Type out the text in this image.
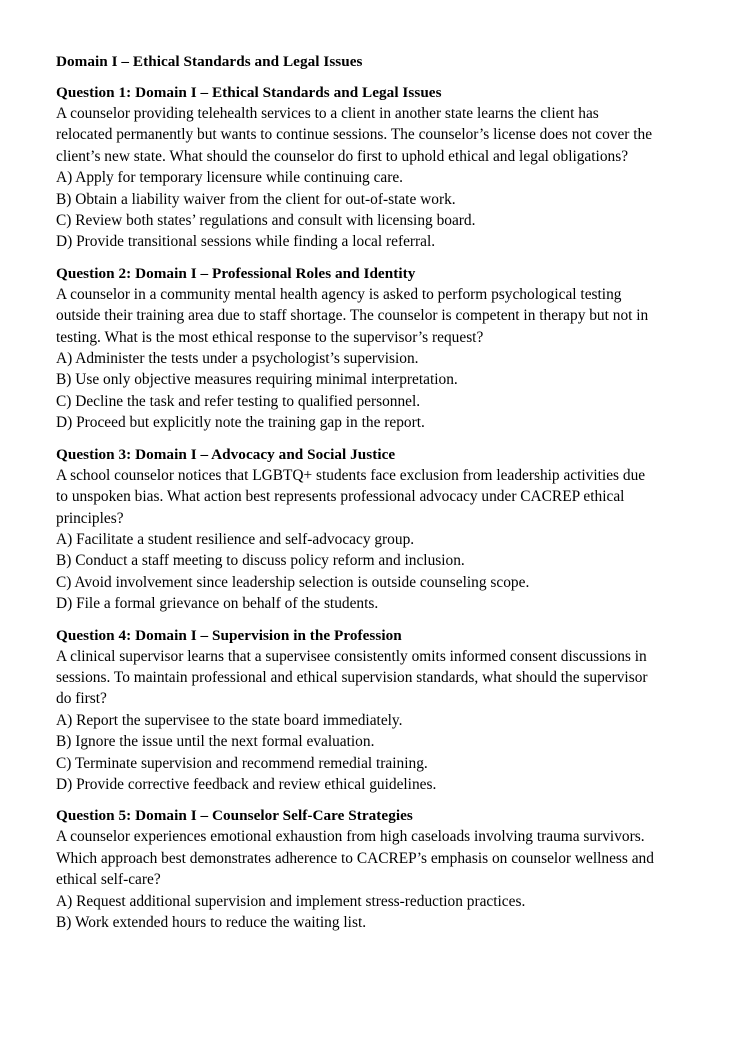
Domain I – Ethical Standards and Legal Issues
Question 1: Domain I – Ethical Standards and Legal Issues

A counselor providing telehealth services to a client in another state learns the client has relocated permanently but wants to continue sessions. The counselor’s license does not cover the client’s new state. What should the counselor do first to uphold ethical and legal obligations?

A) Apply for temporary licensure while continuing care.
B) Obtain a liability waiver from the client for out-of-state work.
C) Review both states’ regulations and consult with licensing board.
D) Provide transitional sessions while finding a local referral.
Question 2: Domain I – Professional Roles and Identity

A counselor in a community mental health agency is asked to perform psychological testing outside their training area due to staff shortage. The counselor is competent in therapy but not in testing. What is the most ethical response to the supervisor’s request?

A) Administer the tests under a psychologist’s supervision.
B) Use only objective measures requiring minimal interpretation.
C) Decline the task and refer testing to qualified personnel.
D) Proceed but explicitly note the training gap in the report.
Question 3: Domain I – Advocacy and Social Justice

A school counselor notices that LGBTQ+ students face exclusion from leadership activities due to unspoken bias. What action best represents professional advocacy under CACREP ethical principles?

A) Facilitate a student resilience and self-advocacy group.
B) Conduct a staff meeting to discuss policy reform and inclusion.
C) Avoid involvement since leadership selection is outside counseling scope.
D) File a formal grievance on behalf of the students.
Question 4: Domain I – Supervision in the Profession

A clinical supervisor learns that a supervisee consistently omits informed consent discussions in sessions. To maintain professional and ethical supervision standards, what should the supervisor do first?

A) Report the supervisee to the state board immediately.
B) Ignore the issue until the next formal evaluation.
C) Terminate supervision and recommend remedial training.
D) Provide corrective feedback and review ethical guidelines.
Question 5: Domain I – Counselor Self-Care Strategies

A counselor experiences emotional exhaustion from high caseloads involving trauma survivors. Which approach best demonstrates adherence to CACREP’s emphasis on counselor wellness and ethical self-care?

A) Request additional supervision and implement stress-reduction practices.
B) Work extended hours to reduce the waiting list.
